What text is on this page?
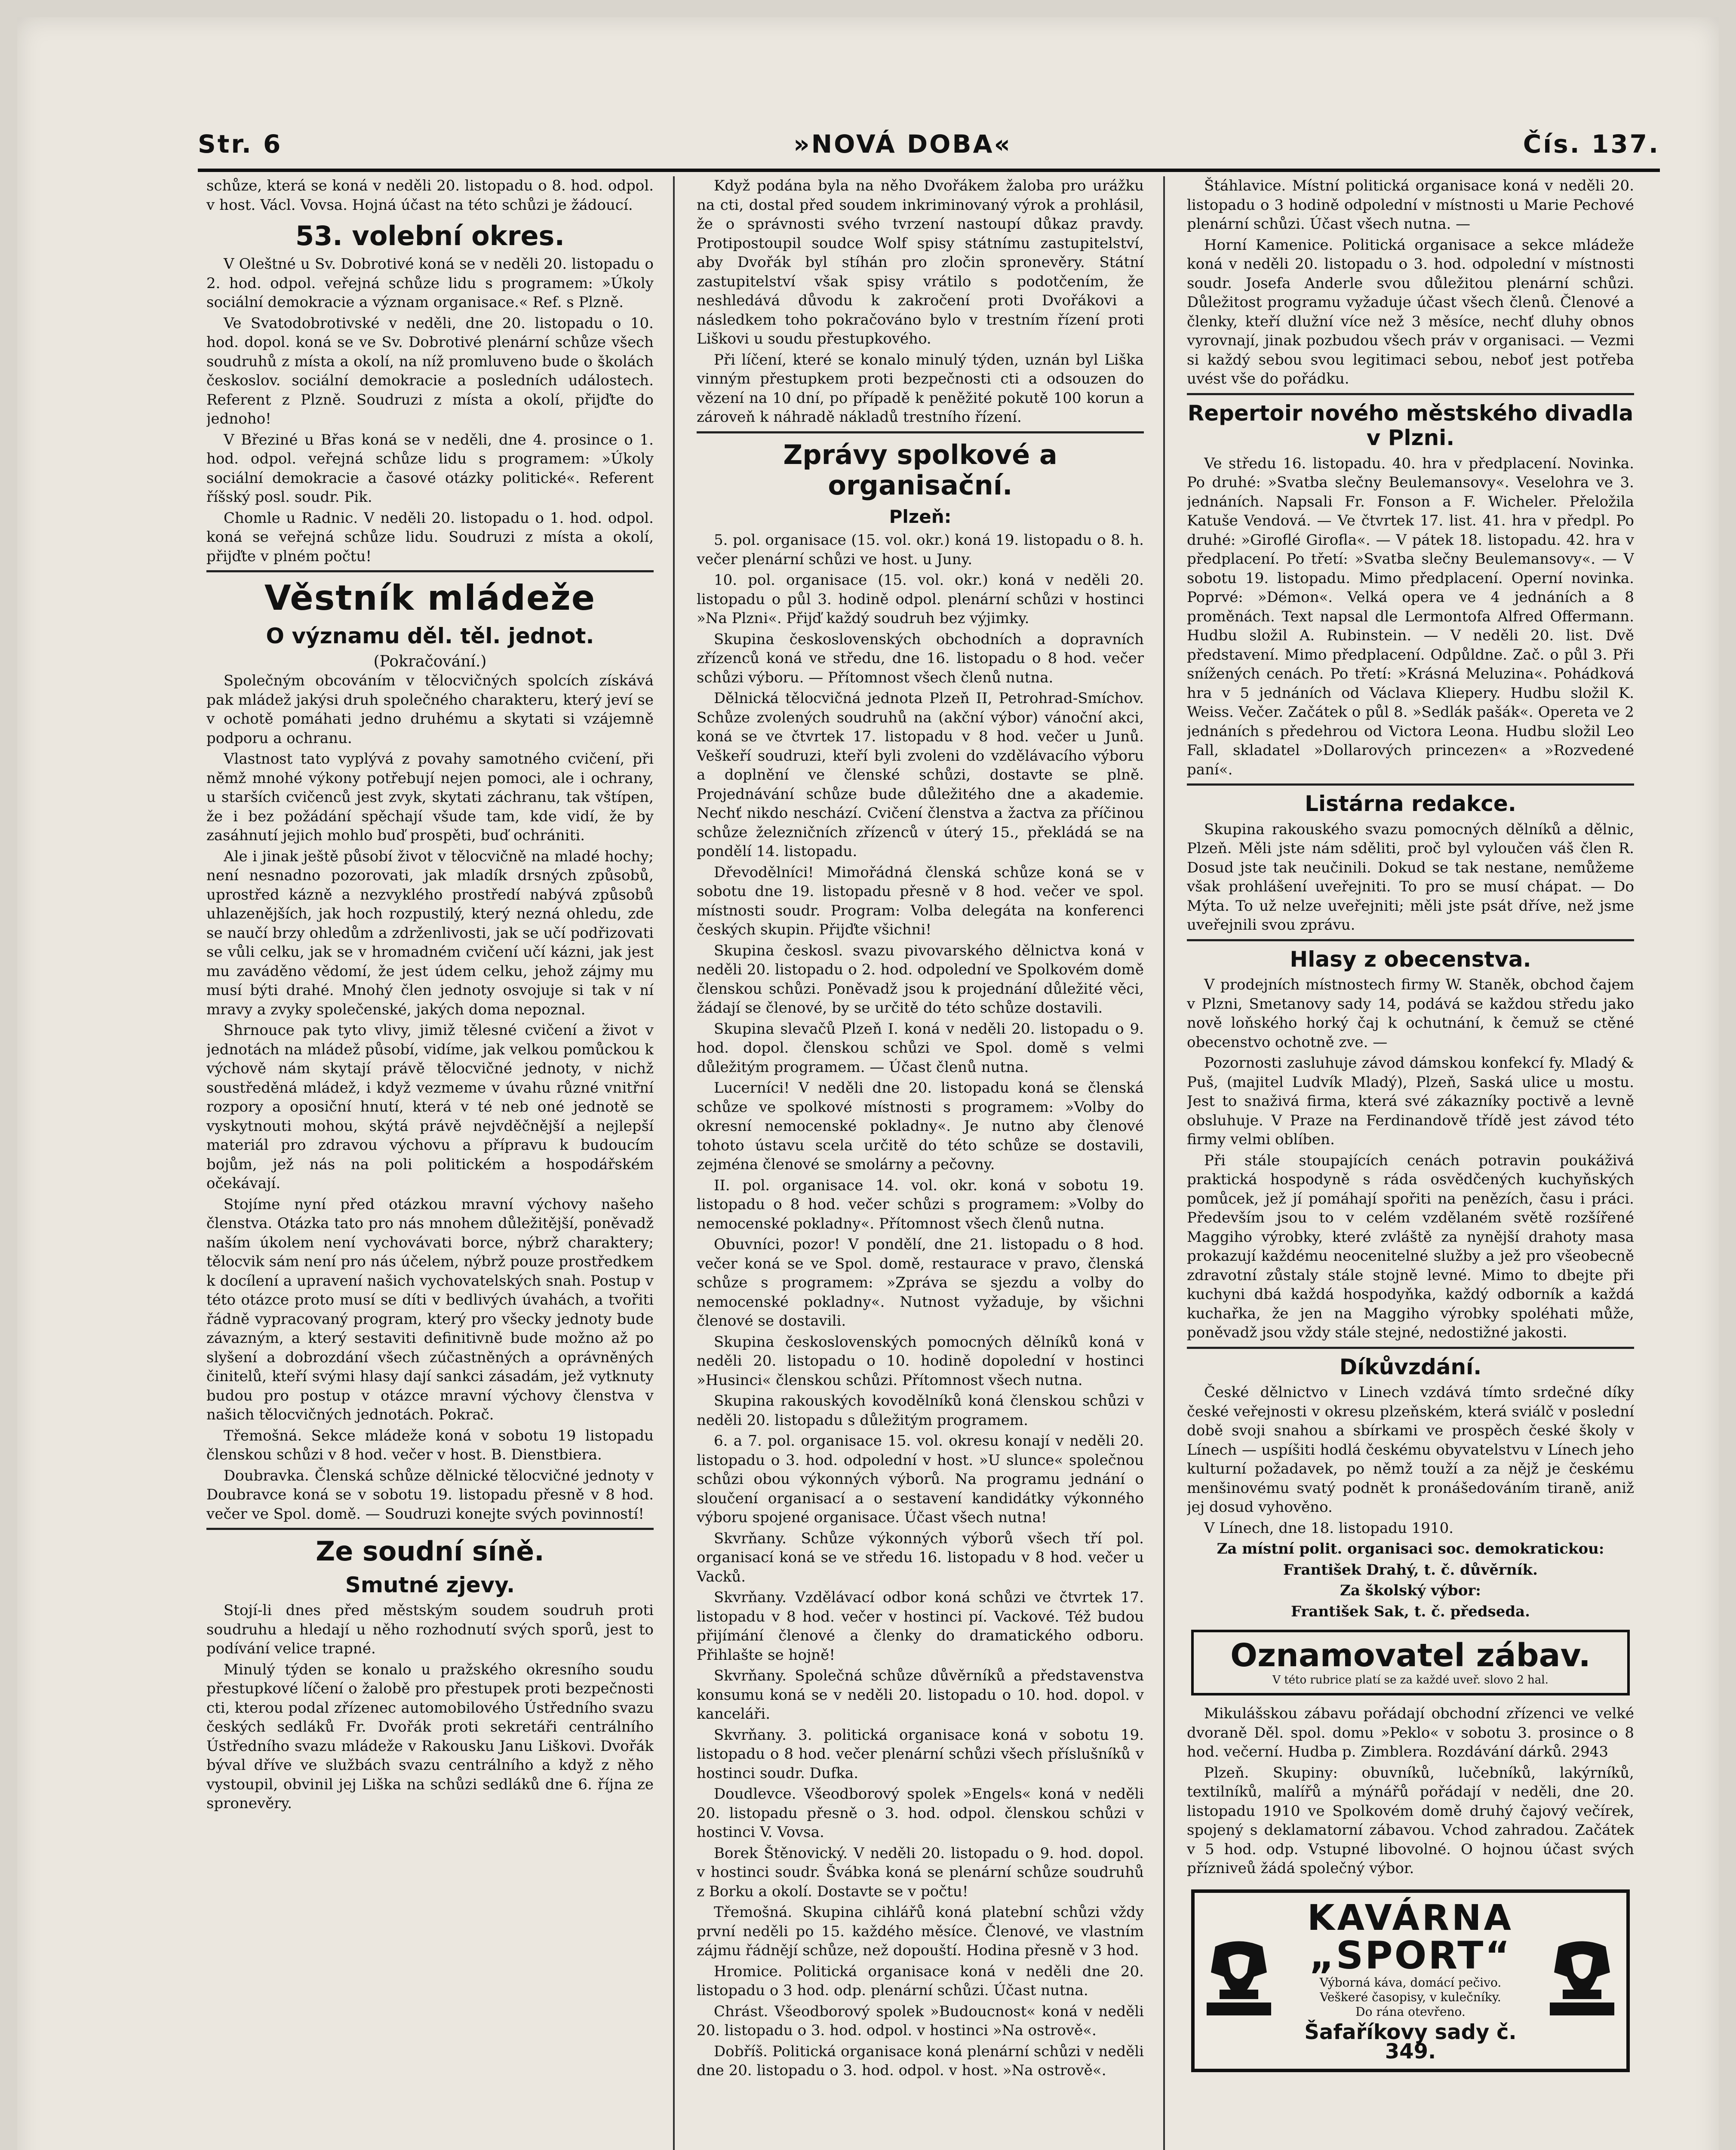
Str. 6	»NOVÁ DOBA«	Čís. 137.

schůze, která se koná v neděli 20. listopadu o 8. hod. odpol. v host. Václ. Vovsa. Hojná účast na této schůzi je žádoucí.

53. volební okres.

V Oleštné u Sv. Dobrotivé koná se v neděli 20. listopadu o 2. hod. odpol. veřejná schůze lidu s programem: »Úkoly sociální demokracie a význam organisace.« Ref. s Plzně.

Ve Svatodobrotivské v neděli, dne 20. listopadu o 10. hod. dopol. koná se ve Sv. Dobrotivé plenární schůze všech soudruhů z místa a okolí, na níž promluveno bude o školách českoslov. sociální demokracie a posledních událostech. Referent z Plzně. Soudruzi z místa a okolí, přijďte do jednoho!

V Březiné u Břas koná se v neděli, dne 4. prosince o 1. hod. odpol. veřejná schůze lidu s programem: »Úkoly sociální demokracie a časové otázky politické«. Referent říšský posl. soudr. Pik.

Chomle u Radnic. V neděli 20. listopadu o 1. hod. odpol. koná se veřejná schůze lidu. Soudruzi z místa a okolí, přijďte v plném počtu!

Věstník mládeže
O významu děl. těl. jednot.
(Pokračování.)

Společným obcováním v tělocvičných spolcích získává pak mládež jakýsi druh společného charakteru, který jeví se v ochotě pomáhati jedno druhému a skytati si vzájemně podporu a ochranu.

Vlastnost tato vyplývá z povahy samotného cvičení, při němž mnohé výkony potřebují nejen pomoci, ale i ochrany, u starších cvičenců jest zvyk, skytati záchranu, tak vštípen, že i bez požádání spěchají všude tam, kde vidí, že by zasáhnutí jejich mohlo buď prospěti, buď ochrániti.

Ale i jinak ještě působí život v tělocvičně na mladé hochy; není nesnadno pozorovati, jak mladík drsných způsobů, uprostřed kázně a nezvyklého prostředí nabývá způsobů uhlazenějších, jak hoch rozpustilý, který nezná ohledu, zde se naučí brzy ohledům a zdrženlivosti, jak se učí podřizovati se vůli celku, jak se v hromadném cvičení učí kázni, jak jest mu zaváděno vědomí, že jest údem celku, jehož zájmy mu musí býti drahé. Mnohý člen jednoty osvojuje si tak v ní mravy a zvyky společenské, jakých doma nepoznal.

Shrnouce pak tyto vlivy, jimiž tělesné cvičení a život v jednotách na mládež působí, vidíme, jak velkou pomůckou k výchově nám skytají právě tělocvičné jednoty, v nichž soustředěná mládež, i když vezmeme v úvahu různé vnitřní rozpory a oposiční hnutí, která v té neb oné jednotě se vyskytnouti mohou, skýtá právě nejvděčnější a nejlepší materiál pro zdravou výchovu a přípravu k budoucím bojům, jež nás na poli politickém a hospodářském očekávají.

Stojíme nyní před otázkou mravní výchovy našeho členstva. Otázka tato pro nás mnohem důležitější, poněvadž naším úkolem není vychovávati borce, nýbrž charaktery; tělocvik sám není pro nás účelem, nýbrž pouze prostředkem k docílení a upravení našich vychovatelských snah. Postup v této otázce proto musí se díti v bedlivých úvahách, a tvořiti řádně vypracovaný program, který pro všecky jednoty bude závazným, a který sestaviti definitivně bude možno až po slyšení a dobrozdání všech zúčastněných a oprávněných činitelů, kteří svými hlasy dají sankci zásadám, jež vytknuty budou pro postup v otázce mravní výchovy členstva v našich tělocvičných jednotách. Pokrač.

Třemošná. Sekce mládeže koná v sobotu 19 listopadu členskou schůzi v 8 hod. večer v host. B. Dienstbiera.

Doubravka. Členská schůze dělnické tělocvičné jednoty v Doubravce koná se v sobotu 19. listopadu přesně v 8 hod. večer ve Spol. domě. — Soudruzi konejte svých povinností!

Ze soudní síně.
Smutné zjevy.

Stojí-li dnes před městským soudem soudruh proti soudruhu a hledají u něho rozhodnutí svých sporů, jest to podívání velice trapné.

Minulý týden se konalo u pražského okresního soudu přestupkové líčení o žalobě pro přestupek proti bezpečnosti cti, kterou podal zřízenec automobilového Ústředního svazu českých sedláků Fr. Dvořák proti sekretáři centrálního Ústředního svazu mládeže v Rakousku Janu Liškovi. Dvořák býval dříve ve službách svazu centrálního a když z něho vystoupil, obvinil jej Liška na schůzi sedláků dne 6. října ze spronevěry.

Když podána byla na něho Dvořákem žaloba pro urážku na cti, dostal před soudem inkriminovaný výrok a prohlásil, že o správnosti svého tvrzení nastoupí důkaz pravdy. Protipostoupil soudce Wolf spisy státnímu zastupitelství, aby Dvořák byl stíhán pro zločin spronevěry. Státní zastupitelství však spisy vrátilo s podotčením, že neshledává důvodu k zakročení proti Dvořákovi a následkem toho pokračováno bylo v trestním řízení proti Liškovi u soudu přestupkového.

Při líčení, které se konalo minulý týden, uznán byl Liška vinným přestupkem proti bezpečnosti cti a odsouzen do vězení na 10 dní, po případě k peněžité pokutě 100 korun a zároveň k náhradě nákladů trestního řízení.

Zprávy spolkové a organisační.
Plzeň:

5. pol. organisace (15. vol. okr.) koná 19. listopadu o 8. h. večer plenární schůzi ve host. u Juny.

10. pol. organisace (15. vol. okr.) koná v neděli 20. listopadu o půl 3. hodině odpol. plenární schůzi v hostinci »Na Plzni«. Přijď každý soudruh bez výjimky.

Skupina československých obchodních a dopravních zřízenců koná ve středu, dne 16. listopadu o 8 hod. večer schůzi výboru. — Přítomnost všech členů nutna.

Dělnická tělocvičná jednota Plzeň II, Petrohrad-Smíchov. Schůze zvolených soudruhů na (akční výbor) vánoční akci, koná se ve čtvrtek 17. listopadu v 8 hod. večer u Junů. Veškeří soudruzi, kteří byli zvoleni do vzdělávacího výboru a doplnění ve členské schůzi, dostavte se plně. Projednávání schůze bude důležitého dne a akademie. Nechť nikdo neschází. Cvičení členstva a žactva za příčinou schůze železničních zřízenců v úterý 15., překládá se na pondělí 14. listopadu.

Dřevodělníci! Mimořádná členská schůze koná se v sobotu dne 19. listopadu přesně v 8 hod. večer ve spol. místnosti soudr. Program: Volba delegáta na konferenci českých skupin. Přijďte všichni!

Skupina českosl. svazu pivovarského dělnictva koná v neděli 20. listopadu o 2. hod. odpolední ve Spolkovém domě členskou schůzi. Poněvadž jsou k projednání důležité věci, žádají se členové, by se určitě do této schůze dostavili.

Skupina slevačů Plzeň I. koná v neděli 20. listopadu o 9. hod. dopol. členskou schůzi ve Spol. domě s velmi důležitým programem. — Účast členů nutna.

Lucerníci! V neděli dne 20. listopadu koná se členská schůze ve spolkové místnosti s programem: »Volby do okresní nemocenské pokladny«. Je nutno aby členové tohoto ústavu scela určitě do této schůze se dostavili, zejména členové se smolárny a pečovny.

II. pol. organisace 14. vol. okr. koná v sobotu 19. listopadu o 8 hod. večer schůzi s programem: »Volby do nemocenské pokladny«. Přítomnost všech členů nutna.

Obuvníci, pozor! V pondělí, dne 21. listopadu o 8 hod. večer koná se ve Spol. domě, restaurace v pravo, členská schůze s programem: »Zpráva se sjezdu a volby do nemocenské pokladny«. Nutnost vyžaduje, by všichni členové se dostavili.

Skupina československých pomocných dělníků koná v neděli 20. listopadu o 10. hodině dopolední v hostinci »Husinci« členskou schůzi. Přítomnost všech nutna.

Skupina rakouských kovodělníků koná členskou schůzi v neděli 20. listopadu s důležitým programem.

6. a 7. pol. organisace 15. vol. okresu konají v neděli 20. listopadu o 3. hod. odpolední v host. »U slunce« společnou schůzi obou výkonných výborů. Na programu jednání o sloučení organisací a o sestavení kandidátky výkonného výboru spojené organisace. Účast všech nutna!

Skvrňany. Schůze výkonných výborů všech tří pol. organisací koná se ve středu 16. listopadu v 8 hod. večer u Vacků.

Skvrňany. Vzdělávací odbor koná schůzi ve čtvrtek 17. listopadu v 8 hod. večer v hostinci pí. Vackové. Též budou přijímání členové a členky do dramatického odboru. Přihlašte se hojně!

Skvrňany. Společná schůze důvěrníků a představenstva konsumu koná se v neděli 20. listopadu o 10. hod. dopol. v kanceláři.

Skvrňany. 3. politická organisace koná v sobotu 19. listopadu o 8 hod. večer plenární schůzi všech příslušníků v hostinci soudr. Dufka.

Doudlevce. Všeodborový spolek »Engels« koná v neděli 20. listopadu přesně o 3. hod. odpol. členskou schůzi v hostinci V. Vovsa.

Borek Štěnovický. V neděli 20. listopadu o 9. hod. dopol. v hostinci soudr. Švábka koná se plenární schůze soudruhů z Borku a okolí. Dostavte se v počtu!

Třemošná. Skupina cihlářů koná platební schůzi vždy první neděli po 15. každého měsíce. Členové, ve vlastním zájmu řádnějí schůze, než dopouští. Hodina přesně v 3 hod.

Hromice. Politická organisace koná v neděli dne 20. listopadu o 3 hod. odp. plenární schůzi. Účast nutna.

Chrást. Všeodborový spolek »Budoucnost« koná v neděli 20. listopadu o 3. hod. odpol. v hostinci »Na ostrově«.

Dobříš. Politická organisace koná plenární schůzi v neděli dne 20. listopadu o 3. hod. odpol. v host. »Na ostrově«.

Štáhlavice. Místní politická organisace koná v neděli 20. listopadu o 3 hodině odpolední v místnosti u Marie Pechové plenární schůzi. Účast všech nutna. —

Horní Kamenice. Politická organisace a sekce mládeže koná v neděli 20. listopadu o 3. hod. odpolední v místnosti soudr. Josefa Anderle svou důležitou plenární schůzi. Důležitost programu vyžaduje účast všech členů. Členové a členky, kteří dlužní více než 3 měsíce, nechť dluhy obnos vyrovnají, jinak pozbudou všech práv v organisaci. — Vezmi si každý sebou svou legitimaci sebou, neboť jest potřeba uvést vše do pořádku.

Repertoir nového městského divadla v Plzni.

Ve středu 16. listopadu. 40. hra v předplacení. Novinka. Po druhé: »Svatba slečny Beulemansovy«. Veselohra ve 3. jednáních. Napsali Fr. Fonson a F. Wicheler. Přeložila Katuše Vendová. — Ve čtvrtek 17. list. 41. hra v předpl. Po druhé: »Giroflé Girofla«. — V pátek 18. listopadu. 42. hra v předplacení. Po třetí: »Svatba slečny Beulemansovy«. — V sobotu 19. listopadu. Mimo předplacení. Operní novinka. Poprvé: »Démon«. Velká opera ve 4 jednáních a 8 proměnách. Text napsal dle Lermontofa Alfred Offermann. Hudbu složil A. Rubinstein. — V neděli 20. list. Dvě představení. Mimo předplacení. Odpůldne. Zač. o půl 3. Při snížených cenách. Po třetí: »Krásná Meluzina«. Pohádková hra v 5 jednáních od Václava Kliepery. Hudbu složil K. Weiss. Večer. Začátek o půl 8. »Sedlák pašák«. Opereta ve 2 jednáních s předehrou od Victora Leona. Hudbu složil Leo Fall, skladatel »Dollarových princezen« a »Rozvedené paní«.

Listárna redakce.

Skupina rakouského svazu pomocných dělníků a dělnic, Plzeň. Měli jste nám sděliti, proč byl vyloučen váš člen R. Dosud jste tak neučinili. Dokud se tak nestane, nemůžeme však prohlášení uveřejniti. To pro se musí chápat. — Do Mýta. To už nelze uveřejniti; měli jste psát dříve, než jsme uveřejnili svou zprávu.

Hlasy z obecenstva.

V prodejních místnostech firmy W. Staněk, obchod čajem v Plzni, Smetanovy sady 14, podává se každou středu jako nově loňského horký čaj k ochutnání, k čemuž se ctěné obecenstvo ochotně zve. —

Pozornosti zasluhuje závod dámskou konfekcí fy. Mladý & Puš, (majitel Ludvík Mladý), Plzeň, Saská ulice u mostu. Jest to snaživá firma, která své zákazníky poctivě a levně obsluhuje. V Praze na Ferdinandově třídě jest závod této firmy velmi oblíben.

Při stále stoupajících cenách potravin poukáživá praktická hospodyně s ráda osvědčených kuchyňských pomůcek, jež jí pomáhají spořiti na penězích, času i práci. Především jsou to v celém vzdělaném světě rozšířené Maggiho výrobky, které zvláště za nynější drahoty masa prokazují každému neocenitelné služby a jež pro všeobecně zdravotní zůstaly stále stojně levné. Mimo to dbejte při kuchyni dbá každá hospodyňka, každý odborník a každá kuchařka, že jen na Maggiho výrobky spoléhati může, poněvadž jsou vždy stále stejné, nedostižné jakosti.

Díkůvzdání.

České dělnictvo v Linech vzdává tímto srdečné díky české veřejnosti v okresu plzeňském, která sviálč v poslední době svoji snahou a sbírkami ve prospěch české školy v Línech — uspíšiti hodlá českému obyvatelstvu v Línech jeho kulturní požadavek, po němž touží a za nějž je českému menšinovému svatý podnět k pronášedováním tiraně, aniž jej dosud vyhověno.

V Línech, dne 18. listopadu 1910.

Za místní polit. organisaci soc. demokratickou:

František Drahý, t. č. důvěrník.

Za školský výbor:

František Sak, t. č. předseda.

Oznamovatel zábav.
V této rubrice platí se za každé uveř. slovo 2 hal.

Mikulášskou zábavu pořádají obchodní zřízenci ve velké dvoraně Děl. spol. domu »Peklo« v sobotu 3. prosince o 8 hod. večerní. Hudba p. Zimblera. Rozdávání dárků. 2943

Plzeň. Skupiny: obuvníků, lučebníků, lakýrníků, textilníků, malířů a mýnářů pořádají v neděli, dne 20. listopadu 1910 ve Spolkovém domě druhý čajový večírek, spojený s deklamatorní zábavou. Vchod zahradou. Začátek v 5 hod. odp. Vstupné libovolné. O hojnou účast svých přízniveů žádá společný výbor.

KAVÁRNA
„SPORT“
Výborná káva, domácí pečivo.
Veškeré časopisy, v kulečníky.
Do rána otevřeno.
Šafaříkovy sady č. 349.
